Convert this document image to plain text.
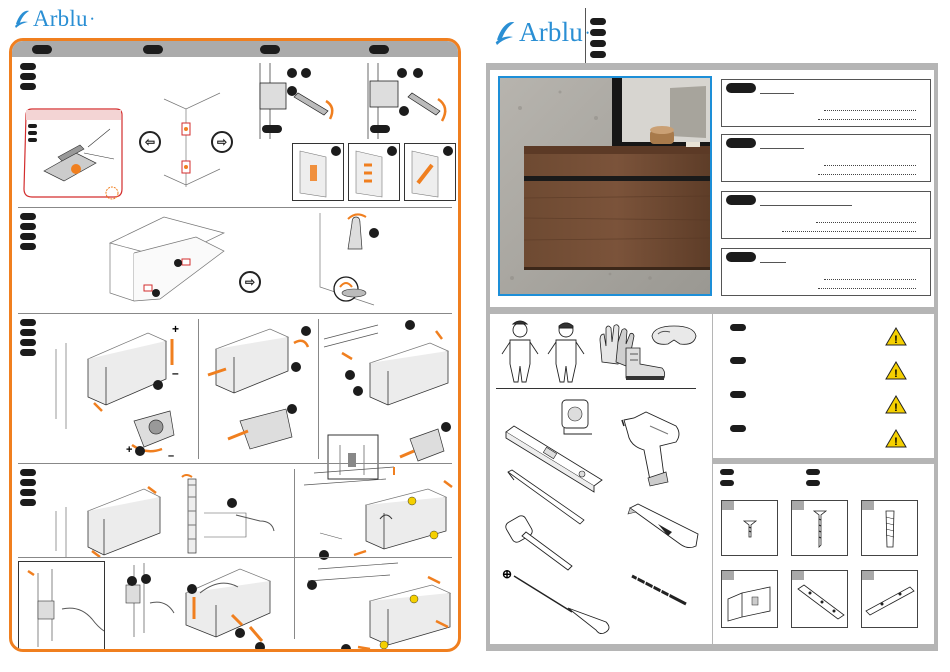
Arblu •
⇦	⇨
⇨
+
–
+	–
Arblu •
⊕
!
!
!
!
